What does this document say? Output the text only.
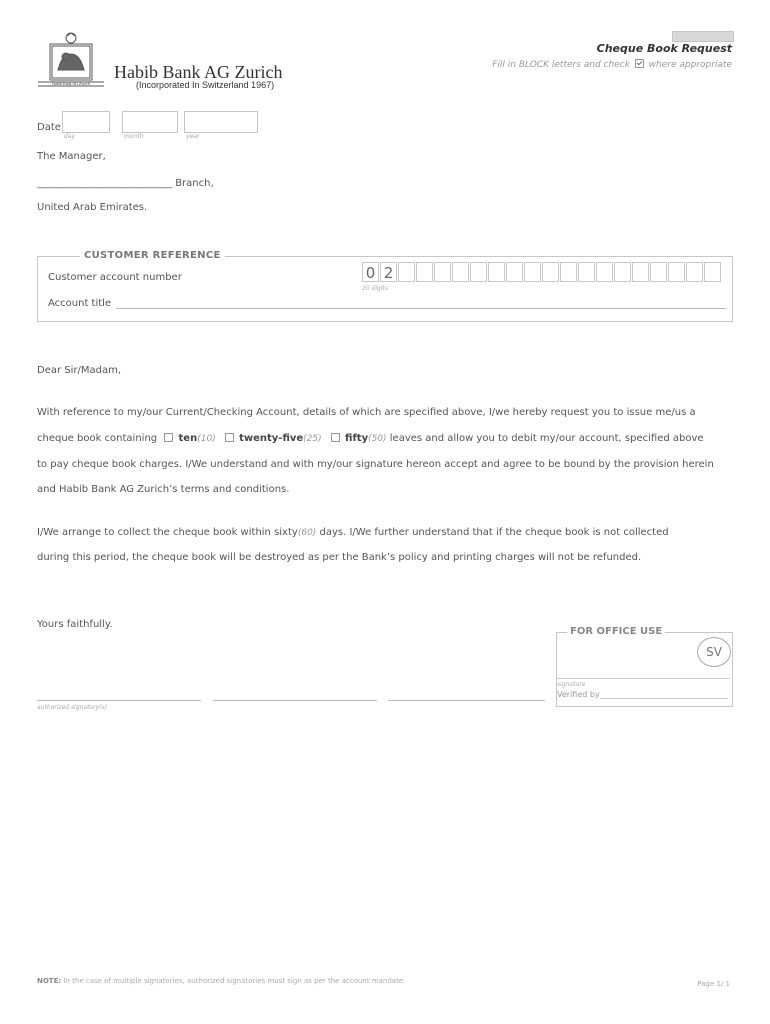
Habib Bank AG Zurich
Habib Bank AG Zurich
(Incorporated In Switzerland 1967)
Cheque Book Request
Fill in BLOCK letters and check where appropriate
Date
day	month	year
The Manager,
___________________________ Branch,
United Arab Emirates.
CUSTOMER REFERENCE
Customer account number	0 2
20 digits
Account title
Dear Sir/Madam,
With reference to my/our Current/Checking Account, details of which are specified above, I/we hereby request you to issue me/us a
cheque book containing ten(10) twenty-five(25) fifty(50) leaves and allow you to debit my/our account, specified above
to pay cheque book charges. I/We understand and with my/our signature hereon accept and agree to be bound by the provision herein
and Habib Bank AG Zurich’s terms and conditions.
I/We arrange to collect the cheque book within sixty(60) days. I/We further understand that if the cheque book is not collected
during this period, the cheque book will be destroyed as per the Bank’s policy and printing charges will not be refunded.
Yours faithfully.
authorized signatory(s)
FOR OFFICE USE
SV
signature
Verified by
NOTE: In the case of multiple signatories, authorized signatories must sign as per the account mandate.	Page 1/ 1
